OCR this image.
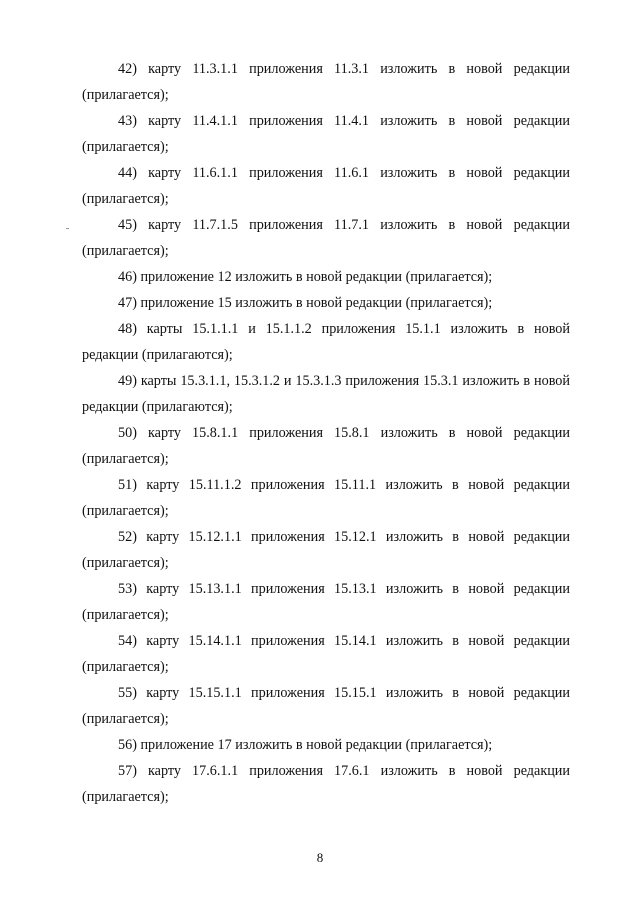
42) карту 11.3.1.1 приложения 11.3.1 изложить в новой редакции (прилагается);
43) карту 11.4.1.1 приложения 11.4.1 изложить в новой редакции (прилагается);
44) карту 11.6.1.1 приложения 11.6.1 изложить в новой редакции (прилагается);
45) карту 11.7.1.5 приложения 11.7.1 изложить в новой редакции (прилагается);
46) приложение 12 изложить в новой редакции (прилагается);
47) приложение 15 изложить в новой редакции (прилагается);
48) карты 15.1.1.1 и 15.1.1.2 приложения 15.1.1 изложить в новой редакции (прилагаются);
49) карты 15.3.1.1, 15.3.1.2 и 15.3.1.3 приложения 15.3.1 изложить в новой редакции (прилагаются);
50) карту 15.8.1.1 приложения 15.8.1 изложить в новой редакции (прилагается);
51) карту 15.11.1.2 приложения 15.11.1 изложить в новой редакции (прилагается);
52) карту 15.12.1.1 приложения 15.12.1 изложить в новой редакции (прилагается);
53) карту 15.13.1.1 приложения 15.13.1 изложить в новой редакции (прилагается);
54) карту 15.14.1.1 приложения 15.14.1 изложить в новой редакции (прилагается);
55) карту 15.15.1.1 приложения 15.15.1 изложить в новой редакции (прилагается);
56) приложение 17 изложить в новой редакции (прилагается);
57) карту 17.6.1.1 приложения 17.6.1 изложить в новой редакции (прилагается);
8
